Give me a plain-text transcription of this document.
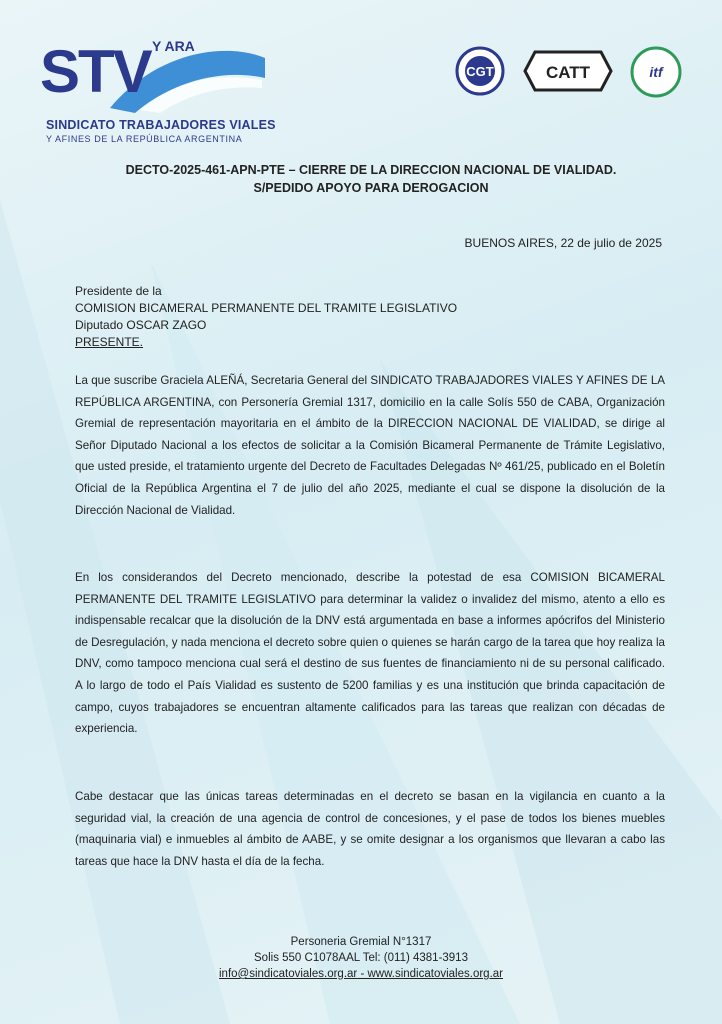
STV Y ARA
SINDICATO TRABAJADORES VIALES
Y AFINES DE LA REPÚBLICA ARGENTINA
CGT	CATT	itf
DECTO-2025-461-APN-PTE – CIERRE DE LA DIRECCION NACIONAL DE VIALIDAD.
S/PEDIDO APOYO PARA DEROGACION
BUENOS AIRES, 22 de julio de 2025
Presidente de la
COMISION BICAMERAL PERMANENTE DEL TRAMITE LEGISLATIVO
Diputado OSCAR ZAGO
PRESENTE.
La que suscribe Graciela ALEÑÁ, Secretaria General del SINDICATO TRABAJADORES VIALES Y AFINES DE LA REPÚBLICA ARGENTINA, con Personería Gremial 1317, domicilio en la calle Solís 550 de CABA, Organización Gremial de representación mayoritaria en el ámbito de la DIRECCION NACIONAL DE VIALIDAD, se dirige al Señor Diputado Nacional a los efectos de solicitar a la Comisión Bicameral Permanente de Trámite Legislativo, que usted preside, el tratamiento urgente del Decreto de Facultades Delegadas Nº 461/25, publicado en el Boletín Oficial de la República Argentina el 7 de julio del año 2025, mediante el cual se dispone la disolución de la Dirección Nacional de Vialidad.
En los considerandos del Decreto mencionado, describe la potestad de esa COMISION BICAMERAL PERMANENTE DEL TRAMITE LEGISLATIVO para determinar la validez o invalidez del mismo, atento a ello es indispensable recalcar que la disolución de la DNV está argumentada en base a informes apócrifos del Ministerio de Desregulación, y nada menciona el decreto sobre quien o quienes se harán cargo de la tarea que hoy realiza la DNV, como tampoco menciona cual será el destino de sus fuentes de financiamiento ni de su personal calificado. A lo largo de todo el País Vialidad es sustento de 5200 familias y es una institución que brinda capacitación de campo, cuyos trabajadores se encuentran altamente calificados para las tareas que realizan con décadas de experiencia.
Cabe destacar que las únicas tareas determinadas en el decreto se basan en la vigilancia en cuanto a la seguridad vial, la creación de una agencia de control de concesiones, y el pase de todos los bienes muebles (maquinaria vial) e inmuebles al ámbito de AABE, y se omite designar a los organismos que llevaran a cabo las tareas que hace la DNV hasta el día de la fecha.
Personeria Gremial N°1317
Solis 550 C1078AAL Tel: (011) 4381-3913
info@sindicatoviales.org.ar - www.sindicatoviales.org.ar
